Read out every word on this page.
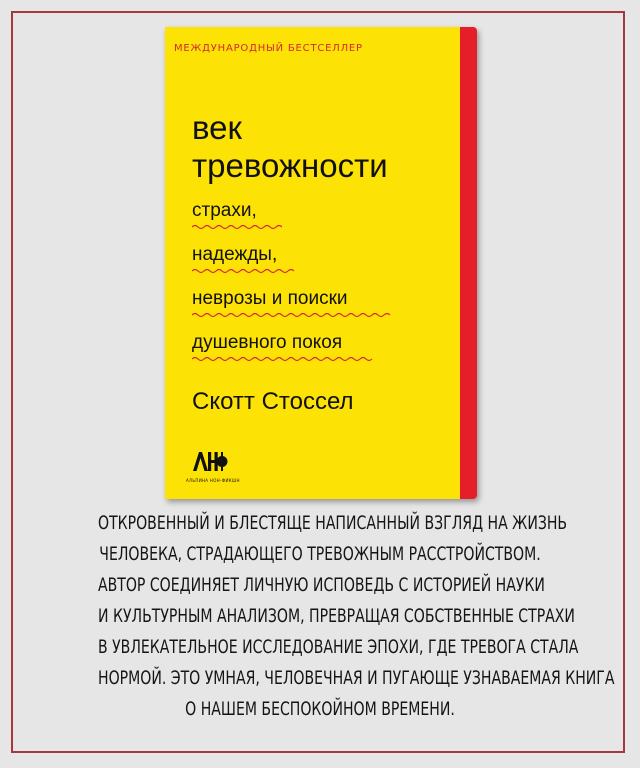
МЕЖДУНАРОДНЫЙ БЕСТСЕЛЛЕР
век
тревожности
страхи,
надежды,
неврозы и поиски
душевного покоя
Скотт Стоссел
АЛЬПИНА НОН-ФИКШН
ОТКРОВЕННЫЙ И БЛЕСТЯЩЕ НАПИСАННЫЙ ВЗГЛЯД НА ЖИЗНЬ
ЧЕЛОВЕКА, СТРАДАЮЩЕГО ТРЕВОЖНЫМ РАССТРОЙСТВОМ.
АВТОР СОЕДИНЯЕТ ЛИЧНУЮ ИСПОВЕДЬ С ИСТОРИЕЙ НАУКИ
И КУЛЬТУРНЫМ АНАЛИЗОМ, ПРЕВРАЩАЯ СОБСТВЕННЫЕ СТРАХИ
В УВЛЕКАТЕЛЬНОЕ ИССЛЕДОВАНИЕ ЭПОХИ, ГДЕ ТРЕВОГА СТАЛА
НОРМОЙ. ЭТО УМНАЯ, ЧЕЛОВЕЧНАЯ И ПУГАЮЩЕ УЗНАВАЕМАЯ КНИГА
О НАШЕМ БЕСПОКОЙНОМ ВРЕМЕНИ.
